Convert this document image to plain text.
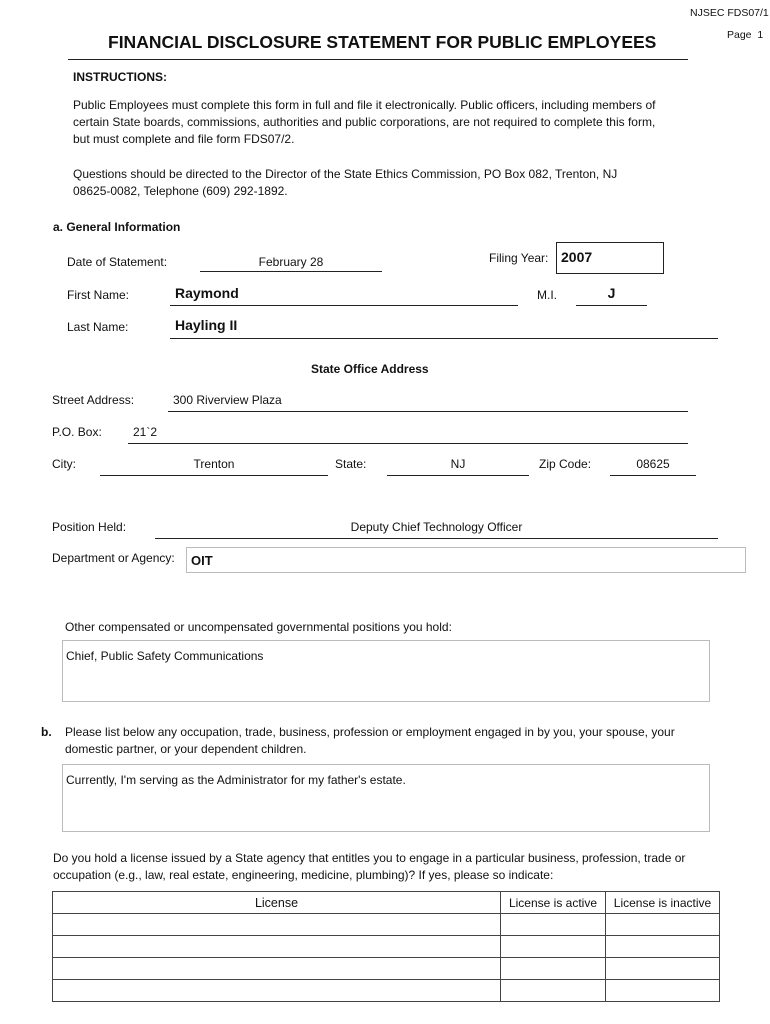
NJSEC FDS07/1
Page  1
FINANCIAL DISCLOSURE STATEMENT FOR PUBLIC EMPLOYEES
INSTRUCTIONS:
Public Employees must complete this form in full and file it electronically. Public officers, including members of
certain State boards, commissions, authorities and public corporations, are not required to complete this form,
but must complete and file form FDS07/2.
Questions should be directed to the Director of the State Ethics Commission, PO Box 082, Trenton, NJ
08625-0082, Telephone (609) 292-1892.
a. General Information
Date of Statement:	February 28	Filing Year: 2007
First Name:	Raymond	M.I.	J
Last Name:	Hayling II
State Office Address
Street Address:	300 Riverview Plaza
P.O. Box:	21`2
City:	Trenton	State:	NJ	Zip Code:	08625
Position Held:	Deputy Chief Technology Officer
Department or Agency: OIT
Other compensated or uncompensated governmental positions you hold:
Chief, Public Safety Communications
b. Please list below any occupation, trade, business, profession or employment engaged in by you, your spouse, your
domestic partner, or your dependent children.
Currently, I'm serving as the Administrator for my father's estate.
Do you hold a license issued by a State agency that entitles you to engage in a particular business, profession, trade or
occupation (e.g., law, real estate, engineering, medicine, plumbing)? If yes, please so indicate:
License	License is active	License is inactive
